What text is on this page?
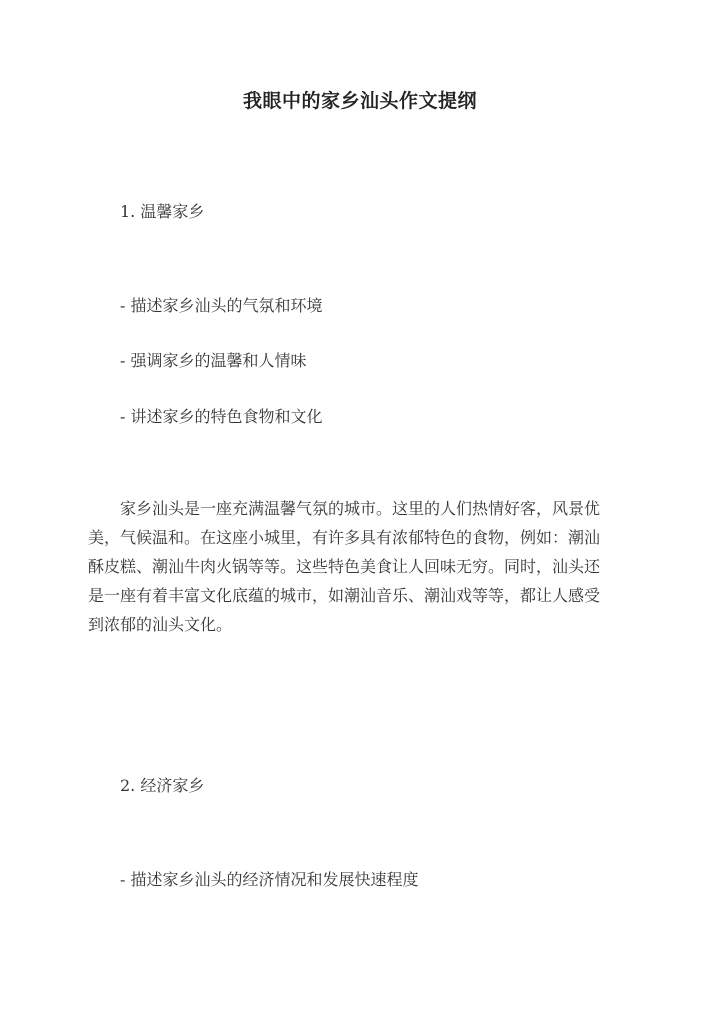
我眼中的家乡汕头作文提纲
1. 温馨家乡
- 描述家乡汕头的气氛和环境
- 强调家乡的温馨和人情味
- 讲述家乡的特色食物和文化
　　家乡汕头是一座充满温馨气氛的城市。这里的人们热情好客，风景优
美，气候温和。在这座小城里，有许多具有浓郁特色的食物，例如：潮汕
酥皮糕、潮汕牛肉火锅等等。这些特色美食让人回味无穷。同时，汕头还
是一座有着丰富文化底蕴的城市，如潮汕音乐、潮汕戏等等，都让人感受
到浓郁的汕头文化。
2. 经济家乡
- 描述家乡汕头的经济情况和发展快速程度
